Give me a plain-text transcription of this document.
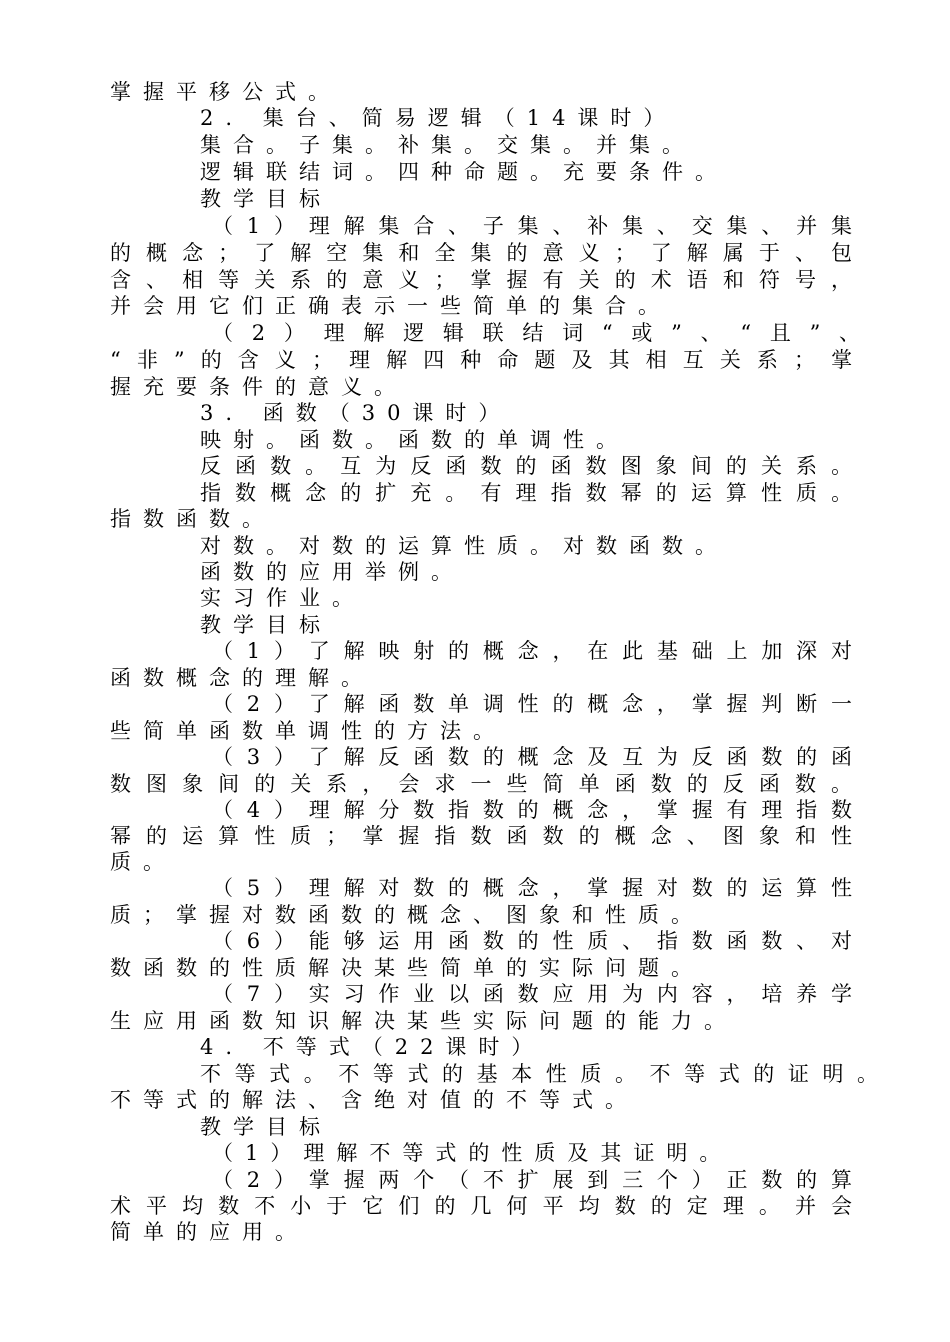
掌握平移公式。

2. 集台、简易逻辑（14课时）

集合。子集。补集。交集。并集。

逻辑联结词。四种命题。充要条件。

教学目标

（1）理解集合、子集、补集、交集、并集

的概念；了解空集和全集的意义；了解属于、包

含、相等关系的意义；掌握有关的术语和符号，

并会用它们正确表示一些简单的集合。

（2）理解逻辑联结词“或”、“且”、

“非”的含义；理解四种命题及其相互关系；掌

握充要条件的意义。

3. 函数（30课时）

映射。函数。函数的单调性。

反函数。互为反函数的函数图象间的关系。

指数概念的扩充。有理指数幂的运算性质。

指数函数。

对数。对数的运算性质。对数函数。

函数的应用举例。

实习作业。

教学目标

（1）了解映射的概念，在此基础上加深对

函数概念的理解。

（2）了解函数单调性的概念，掌握判断一

些简单函数单调性的方法。

（3）了解反函数的概念及互为反函数的函

数图象间的关系，会求一些简单函数的反函数。

（4）理解分数指数的概念，掌握有理指数

幂的运算性质；掌握指数函数的概念、图象和性

质。

（5）理解对数的概念，掌握对数的运算性

质；掌握对数函数的概念、图象和性质。

（6）能够运用函数的性质、指数函数、对

数函数的性质解决某些简单的实际问题。

（7）实习作业以函数应用为内容，培养学

生应用函数知识解决某些实际问题的能力。

4. 不等式（22课时）

不等式。不等式的基本性质。不等式的证明。

不等式的解法、含绝对值的不等式。

教学目标

（1）理解不等式的性质及其证明。

（2）掌握两个（不扩展到三个）正数的算

术平均数不小于它们的几何平均数的定理。并会

简单的应用。
